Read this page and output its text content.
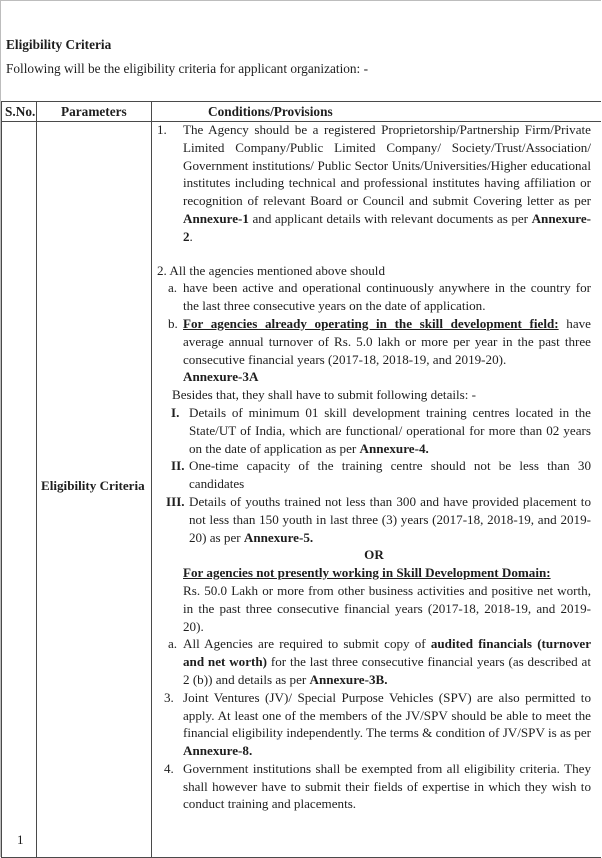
Eligibility Criteria
Following will be the eligibility criteria for applicant organization: -
S.No. Parameters	Conditions/Provisions
Eligibility Criteria
1
1.	The Agency should be a registered Proprietorship/Partnership Firm/Private Limited Company/Public Limited Company/ Society/Trust/Association/ Government institutions/ Public Sector Units/Universities/Higher educational institutes including technical and professional institutes having affiliation or recognition of relevant Board or Council and submit Covering letter as per Annexure-1 and applicant details with relevant documents as per Annexure-2.

2. All the agencies mentioned above should

a. have been active and operational continuously anywhere in the country for the last three consecutive years on the date of application.
b. For agencies already operating in the skill development field: have average annual turnover of Rs. 5.0 lakh or more per year in the past three consecutive financial years (2017-18, 2018-19, and 2019-20).
Annexure-3A

Besides that, they shall have to submit following details: -

I. Details of minimum 01 skill development training centres located in the State/UT of India, which are functional/ operational for more than 02 years on the date of application as per Annexure-4.
II. One-time capacity of the training centre should not be less than 30 candidates
III. Details of youths trained not less than 300 and have provided placement to not less than 150 youth in last three (3) years (2017-18, 2018-19, and 2019-20) as per Annexure-5.

OR

For agencies not presently working in Skill Development Domain:

Rs. 50.0 Lakh or more from other business activities and positive net worth, in the past three consecutive financial years (2017-18, 2018-19, and 2019-20).

a. All Agencies are required to submit copy of audited financials (turnover and net worth) for the last three consecutive financial years (as described at 2 (b)) and details as per Annexure-3B.
3. Joint Ventures (JV)/ Special Purpose Vehicles (SPV) are also permitted to apply. At least one of the members of the JV/SPV should be able to meet the financial eligibility independently. The terms & condition of JV/SPV is as per Annexure-8.
4. Government institutions shall be exempted from all eligibility criteria. They shall however have to submit their fields of expertise in which they wish to conduct training and placements.
